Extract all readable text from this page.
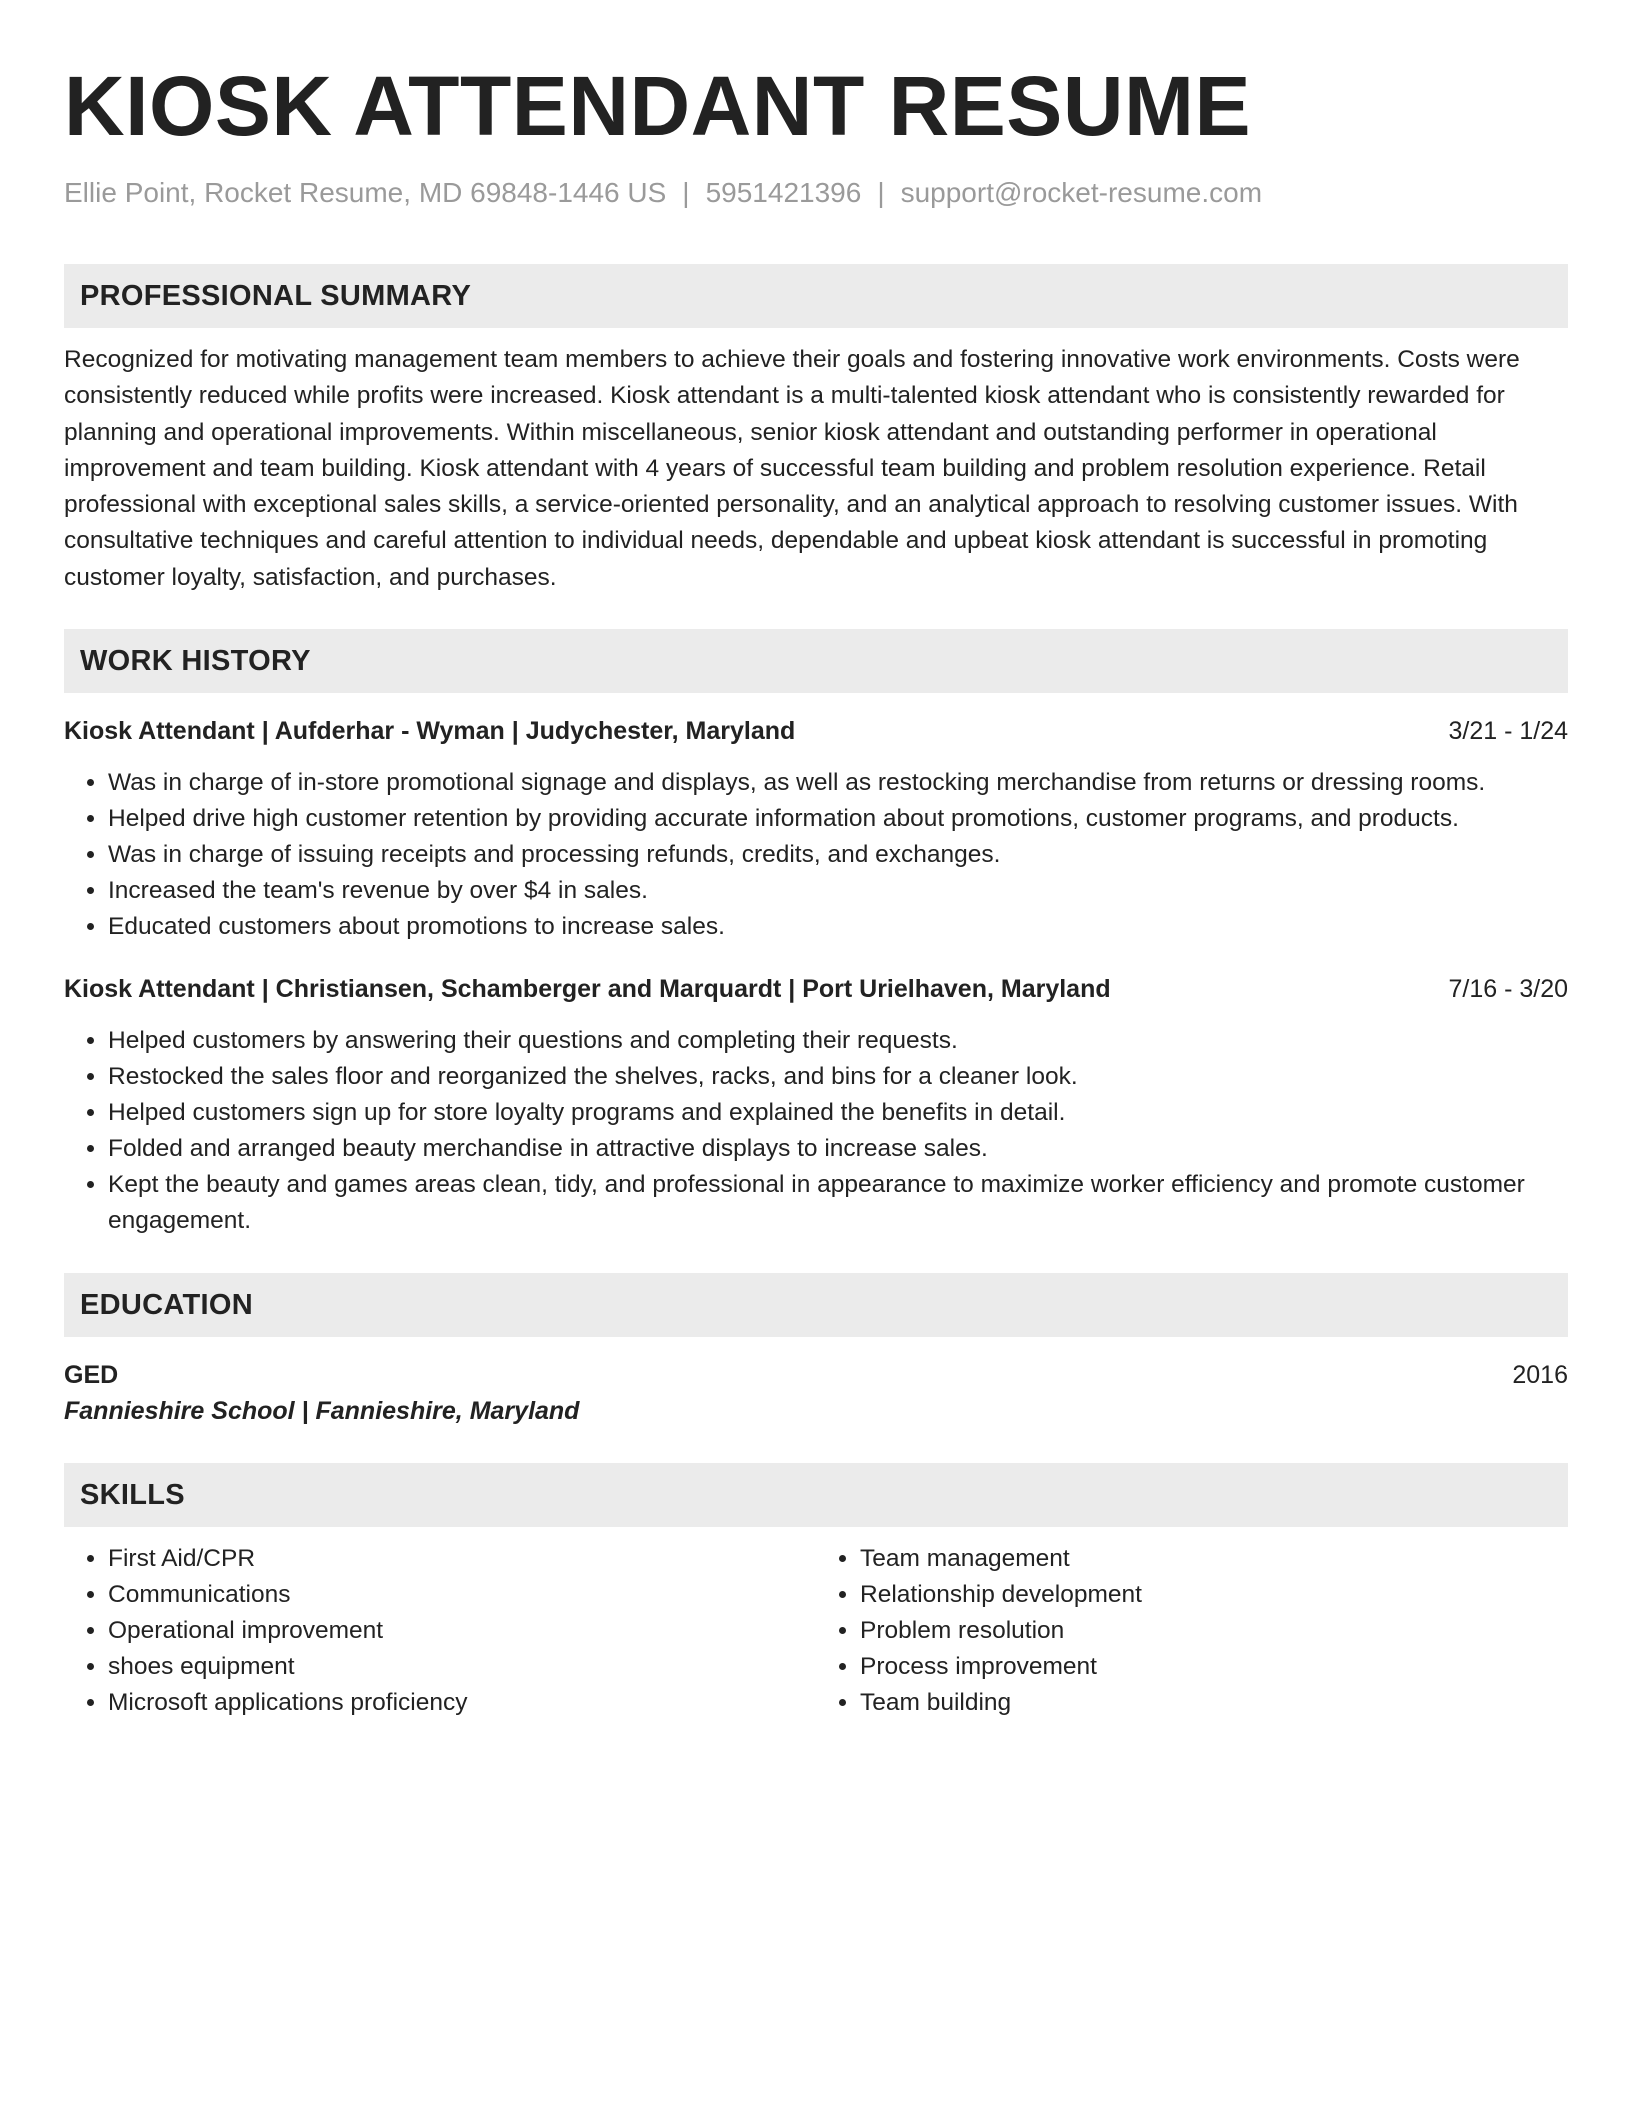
KIOSK ATTENDANT RESUME
Ellie Point, Rocket Resume, MD 69848-1446 US | 5951421396 | support@rocket-resume.com
PROFESSIONAL SUMMARY

Recognized for motivating management team members to achieve their goals and fostering innovative work environments. Costs were consistently reduced while profits were increased. Kiosk attendant is a multi-talented kiosk attendant who is consistently rewarded for planning and operational improvements. Within miscellaneous, senior kiosk attendant and outstanding performer in operational improvement and team building. Kiosk attendant with 4 years of successful team building and problem resolution experience. Retail professional with exceptional sales skills, a service-oriented personality, and an analytical approach to resolving customer issues. With consultative techniques and careful attention to individual needs, dependable and upbeat kiosk attendant is successful in promoting customer loyalty, satisfaction, and purchases.

WORK HISTORY
Kiosk Attendant | Aufderhar - Wyman | Judychester, Maryland	3/21 - 1/24
• Was in charge of in-store promotional signage and displays, as well as restocking merchandise from returns or dressing rooms.
• Helped drive high customer retention by providing accurate information about promotions, customer programs, and products.
• Was in charge of issuing receipts and processing refunds, credits, and exchanges.
• Increased the team's revenue by over $4 in sales.
• Educated customers about promotions to increase sales.
Kiosk Attendant | Christiansen, Schamberger and Marquardt | Port Urielhaven, Maryland	7/16 - 3/20
• Helped customers by answering their questions and completing their requests.
• Restocked the sales floor and reorganized the shelves, racks, and bins for a cleaner look.
• Helped customers sign up for store loyalty programs and explained the benefits in detail.
• Folded and arranged beauty merchandise in attractive displays to increase sales.
• Kept the beauty and games areas clean, tidy, and professional in appearance to maximize worker efficiency and promote customer engagement.
EDUCATION
GED	2016
Fannieshire School | Fannieshire, Maryland
SKILLS
• First Aid/CPR
• Communications
• Operational improvement
• shoes equipment
• Microsoft applications proficiency
• Team management
• Relationship development
• Problem resolution
• Process improvement
• Team building
